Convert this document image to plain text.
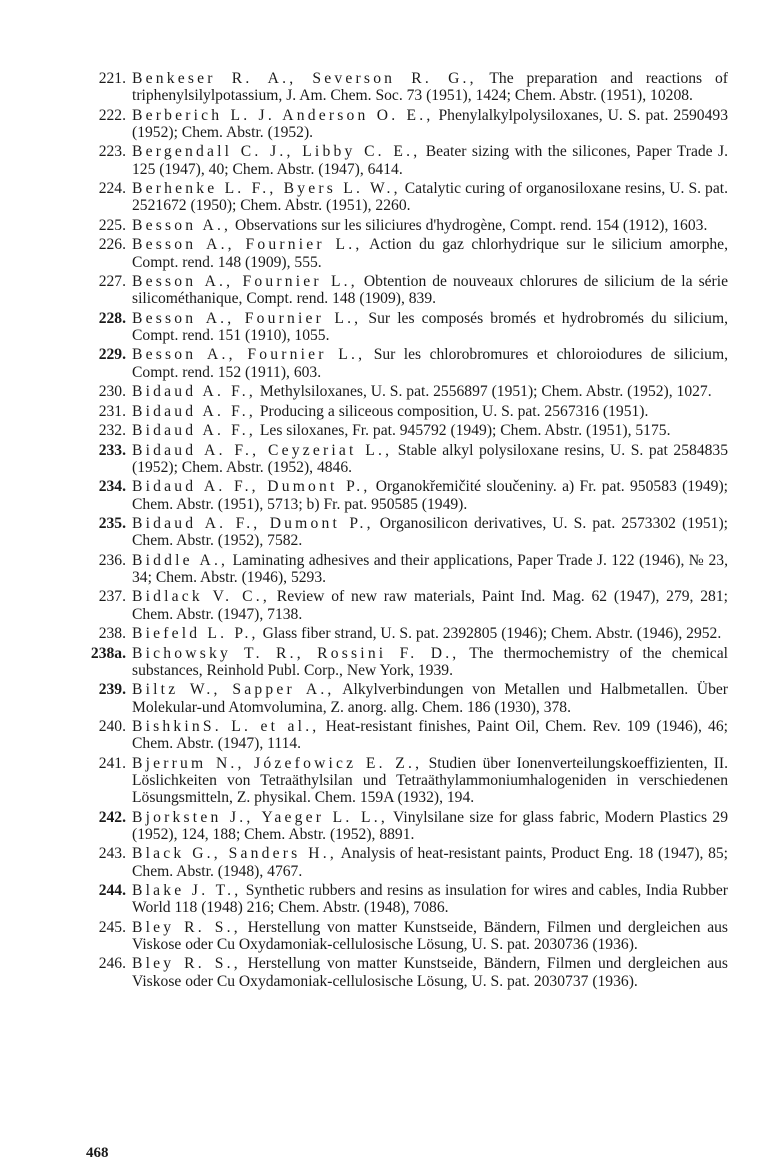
221. Benkeser R. A., Severson R. G., The preparation and reactions of triphenylsilylpotassium, J. Am. Chem. Soc. 73 (1951), 1424; Chem. Abstr. (1951), 10208.
222. Berberich L. J. Anderson O. E., Phenylalkylpolysiloxanes, U. S. pat. 2590493 (1952); Chem. Abstr. (1952).
223. Bergendall C. J., Libby C. E., Beater sizing with the silicones, Paper Trade J. 125 (1947), 40; Chem. Abstr. (1947), 6414.
224. Berhenke L. F., Byers L. W., Catalytic curing of organosiloxane resins, U. S. pat. 2521672 (1950); Chem. Abstr. (1951), 2260.
225. Besson A., Observations sur les siliciures d'hydrogène, Compt. rend. 154 (1912), 1603.
226. Besson A., Fournier L., Action du gaz chlorhydrique sur le silicium amorphe, Compt. rend. 148 (1909), 555.
227. Besson A., Fournier L., Obtention de nouveaux chlorures de silicium de la série silicométhanique, Compt. rend. 148 (1909), 839.
228. Besson A., Fournier L., Sur les composés bromés et hydrobromés du silicium, Compt. rend. 151 (1910), 1055.
229. Besson A., Fournier L., Sur les chlorobromures et chloroiodures de silicium, Compt. rend. 152 (1911), 603.
230. Bidaud A. F., Methylsiloxanes, U. S. pat. 2556897 (1951); Chem. Abstr. (1952), 1027.
231. Bidaud A. F., Producing a siliceous composition, U. S. pat. 2567316 (1951).
232. Bidaud A. F., Les siloxanes, Fr. pat. 945792 (1949); Chem. Abstr. (1951), 5175.
233. Bidaud A. F., Ceyzeriat L., Stable alkyl polysiloxane resins, U. S. pat 2584835 (1952); Chem. Abstr. (1952), 4846.
234. Bidaud A. F., Dumont P., Organokřemičité sloučeniny. a) Fr. pat. 950583 (1949); Chem. Abstr. (1951), 5713; b) Fr. pat. 950585 (1949).
235. Bidaud A. F., Dumont P., Organosilicon derivatives, U. S. pat. 2573302 (1951); Chem. Abstr. (1952), 7582.
236. Biddle A., Laminating adhesives and their applications, Paper Trade J. 122 (1946), № 23, 34; Chem. Abstr. (1946), 5293.
237. Bidlack V. C., Review of new raw materials, Paint Ind. Mag. 62 (1947), 279, 281; Chem. Abstr. (1947), 7138.
238. Biefeld L. P., Glass fiber strand, U. S. pat. 2392805 (1946); Chem. Abstr. (1946), 2952.
238a. Bichowsky T. R., Rossini F. D., The thermochemistry of the chemical substances, Reinhold Publ. Corp., New York, 1939.
239. Biltz W., Sapper A., Alkylverbindungen von Metallen und Halbmetallen. Über Molekular-und Atomvolumina, Z. anorg. allg. Chem. 186 (1930), 378.
240. BishkinS. L. et al., Heat-resistant finishes, Paint Oil, Chem. Rev. 109 (1946), 46; Chem. Abstr. (1947), 1114.
241. Bjerrum N., Józefowicz E. Z., Studien über Ionenverteilungskoeffizienten, II. Löslichkeiten von Tetraäthylsilan und Tetraäthylammoniumhalogeniden in verschiedenen Lösungsmitteln, Z. physikal. Chem. 159A (1932), 194.
242. Bjorksten J., Yaeger L. L., Vinylsilane size for glass fabric, Modern Plastics 29 (1952), 124, 188; Chem. Abstr. (1952), 8891.
243. Black G., Sanders H., Analysis of heat-resistant paints, Product Eng. 18 (1947), 85; Chem. Abstr. (1948), 4767.
244. Blake J. T., Synthetic rubbers and resins as insulation for wires and cables, India Rubber World 118 (1948) 216; Chem. Abstr. (1948), 7086.
245. Bley R. S., Herstellung von matter Kunstseide, Bändern, Filmen und dergleichen aus Viskose oder Cu Oxydamoniak-cellulosische Lösung, U. S. pat. 2030736 (1936).
246. Bley R. S., Herstellung von matter Kunstseide, Bändern, Filmen und dergleichen aus Viskose oder Cu Oxydamoniak-cellulosische Lösung, U. S. pat. 2030737 (1936).
468
